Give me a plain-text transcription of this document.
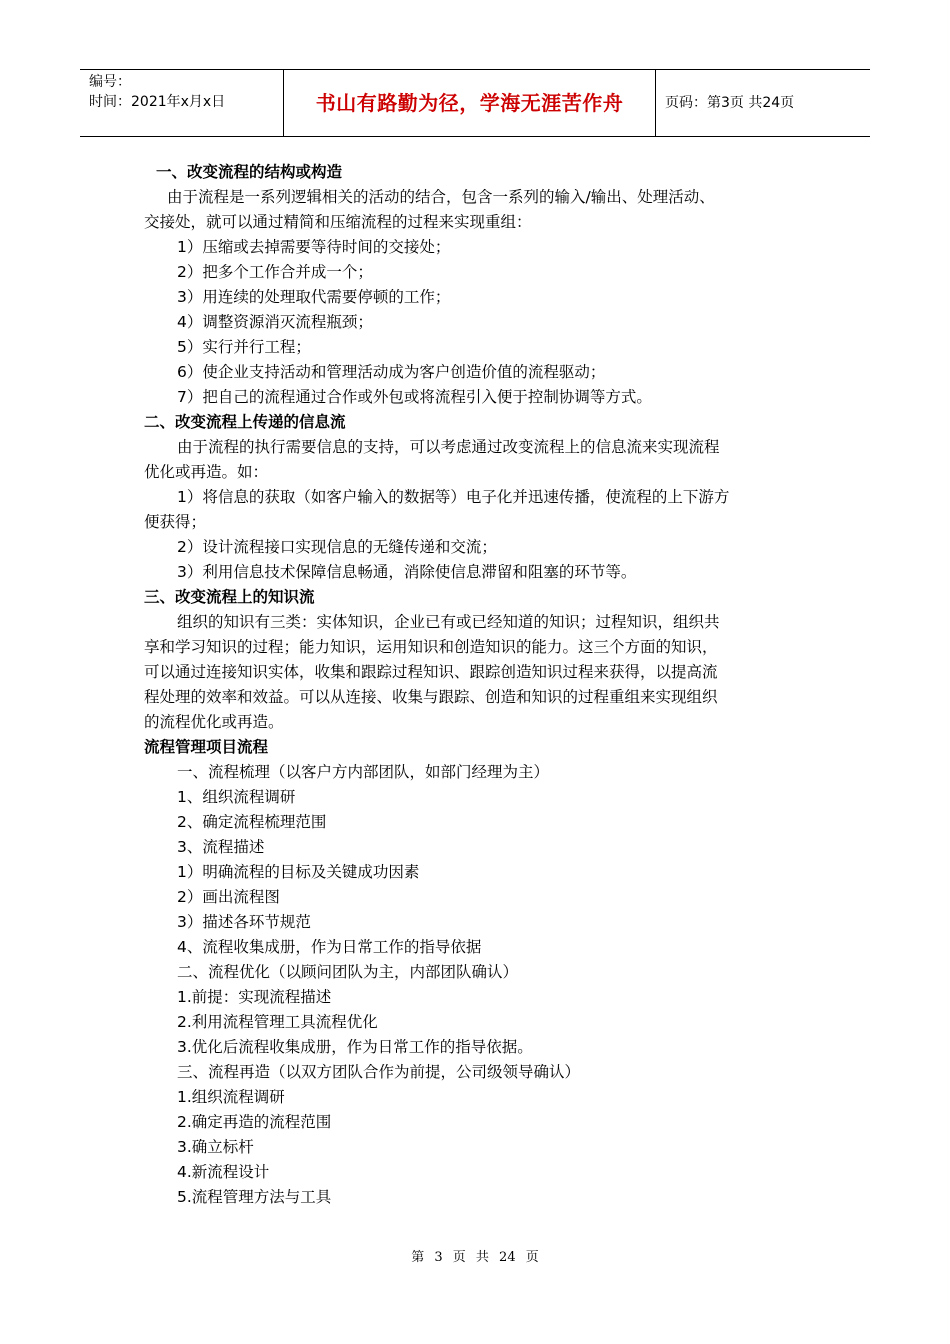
编号：
时间：2021年x月x日	书山有路勤为径，学海无涯苦作舟	页码：第3页 共24页
一、改变流程的结构或构造
由于流程是一系列逻辑相关的活动的结合，包含一系列的输入/输出、处理活动、
交接处，就可以通过精简和压缩流程的过程来实现重组：
1）压缩或去掉需要等待时间的交接处；
2）把多个工作合并成一个；
3）用连续的处理取代需要停顿的工作；
4）调整资源消灭流程瓶颈；
5）实行并行工程；
6）使企业支持活动和管理活动成为客户创造价值的流程驱动；
7）把自己的流程通过合作或外包或将流程引入便于控制协调等方式。
二、改变流程上传递的信息流
由于流程的执行需要信息的支持，可以考虑通过改变流程上的信息流来实现流程
优化或再造。如：
1）将信息的获取（如客户输入的数据等）电子化并迅速传播，使流程的上下游方
便获得；
2）设计流程接口实现信息的无缝传递和交流；
3）利用信息技术保障信息畅通，消除使信息滞留和阻塞的环节等。
三、改变流程上的知识流
组织的知识有三类：实体知识，企业已有或已经知道的知识；过程知识，组织共
享和学习知识的过程；能力知识，运用知识和创造知识的能力。这三个方面的知识，
可以通过连接知识实体，收集和跟踪过程知识、跟踪创造知识过程来获得，以提高流
程处理的效率和效益。可以从连接、收集与跟踪、创造和知识的过程重组来实现组织
的流程优化或再造。
流程管理项目流程
一、流程梳理（以客户方内部团队，如部门经理为主）
1、组织流程调研
2、确定流程梳理范围
3、流程描述
1）明确流程的目标及关键成功因素
2）画出流程图
3）描述各环节规范
4、流程收集成册，作为日常工作的指导依据
二、流程优化（以顾问团队为主，内部团队确认）
1.前提：实现流程描述
2.利用流程管理工具流程优化
3.优化后流程收集成册，作为日常工作的指导依据。
三、流程再造（以双方团队合作为前提，公司级领导确认）
1.组织流程调研
2.确定再造的流程范围
3.确立标杆
4.新流程设计
5.流程管理方法与工具
第 3 页 共 24 页
